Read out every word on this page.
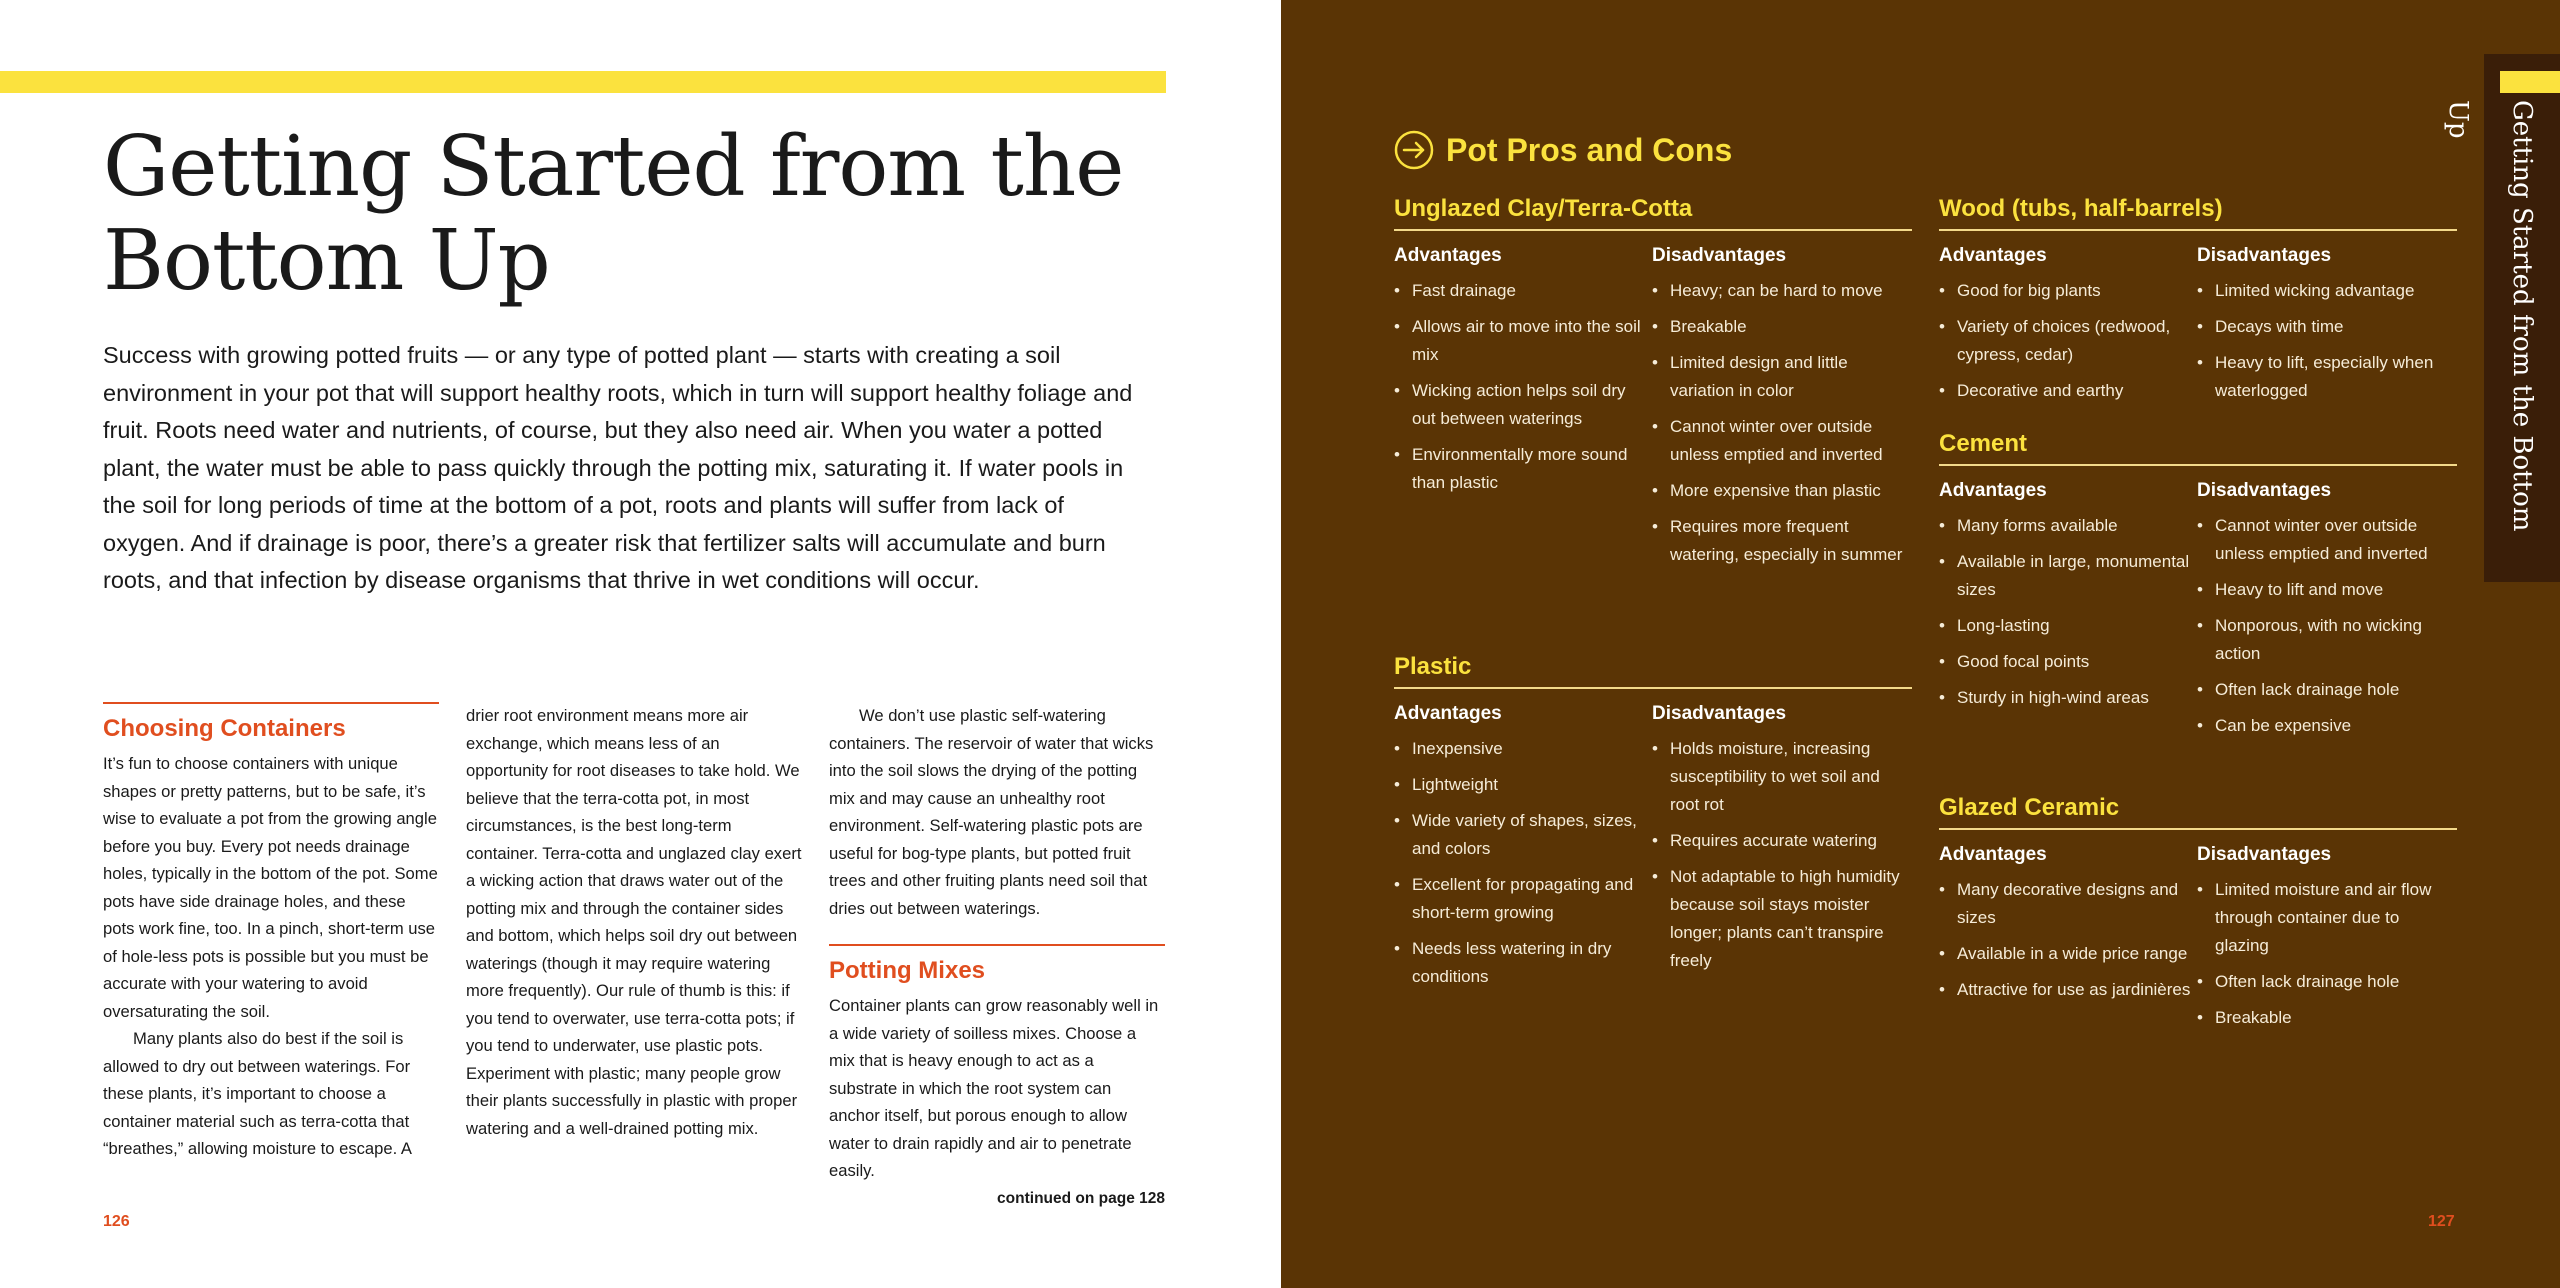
Getting Started from the Bottom Up

Success with growing potted fruits — or any type of potted plant — starts with creating a soil environment in your pot that will support healthy roots, which in turn will support healthy foliage and fruit. Roots need water and nutrients, of course, but they also need air. When you water a potted plant, the water must be able to pass quickly through the potting mix, saturating it. If water pools in the soil for long periods of time at the bottom of a pot, roots and plants will suffer from lack of oxygen. And if drainage is poor, there’s a greater risk that fertilizer salts will accumulate and burn roots, and that infection by disease organisms that thrive in wet conditions will occur.

Choosing Containers

It’s fun to choose containers with unique shapes or pretty patterns, but to be safe, it’s wise to evaluate a pot from the growing angle before you buy. Every pot needs drainage holes, typically in the bottom of the pot. Some pots have side drainage holes, and these pots work fine, too. In a pinch, short-term use of hole-less pots is possible but you must be accurate with your watering to avoid oversaturating the soil.

Many plants also do best if the soil is allowed to dry out between waterings. For these plants, it’s important to choose a container material such as terra-cotta that “breathes,” allowing moisture to escape. A

drier root environment means more air exchange, which means less of an opportunity for root diseases to take hold. We believe that the terra-cotta pot, in most circumstances, is the best long-term container. Terra-cotta and unglazed clay exert a wicking action that draws water out of the potting mix and through the container sides and bottom, which helps soil dry out between waterings (though it may require watering more frequently). Our rule of thumb is this: if you tend to overwater, use terra-cotta pots; if you tend to underwater, use plastic pots. Experiment with plastic; many people grow their plants successfully in plastic with proper watering and a well-drained potting mix.

We don’t use plastic self-watering containers. The reservoir of water that wicks into the soil slows the drying of the potting mix and may cause an unhealthy root environment. Self-watering plastic pots are useful for bog-type plants, but potted fruit trees and other fruiting plants need soil that dries out between waterings.

Potting Mixes

Container plants can grow reasonably well in a wide variety of soilless mixes. Choose a mix that is heavy enough to act as a substrate in which the root system can anchor itself, but porous enough to allow water to drain rapidly and air to penetrate easily.

continued on page 128
126
Pot Pros and Cons
Unglazed Clay/Terra-Cotta
Advantages
• Fast drainage
• Allows air to move into the soil mix
• Wicking action helps soil dry out between waterings
• Environmentally more sound than plastic
Disadvantages
• Heavy; can be hard to move
• Breakable
• Limited design and little variation in color
• Cannot winter over outside unless emptied and inverted
• More expensive than plastic
• Requires more frequent watering, especially in summer
Plastic
Advantages
• Inexpensive
• Lightweight
• Wide variety of shapes, sizes, and colors
• Excellent for propagating and short-term growing
• Needs less watering in dry conditions
Disadvantages
• Holds moisture, increasing susceptibility to wet soil and root rot
• Requires accurate watering
• Not adaptable to high humidity because soil stays moister longer; plants can’t transpire freely
Wood (tubs, half-barrels)
Advantages
• Good for big plants
• Variety of choices (redwood, cypress, cedar)
• Decorative and earthy
Disadvantages
• Limited wicking advantage
• Decays with time
• Heavy to lift, especially when waterlogged
Cement
Advantages
• Many forms available
• Available in large, monumental sizes
• Long-lasting
• Good focal points
• Sturdy in high-wind areas
Disadvantages
• Cannot winter over outside unless emptied and inverted
• Heavy to lift and move
• Nonporous, with no wicking action
• Often lack drainage hole
• Can be expensive
Glazed Ceramic
Advantages
• Many decorative designs and sizes
• Available in a wide price range
• Attractive for use as jardinières
Disadvantages
• Limited moisture and air flow through container due to glazing
• Often lack drainage hole
• Breakable
Getting Started from the Bottom Up
127
